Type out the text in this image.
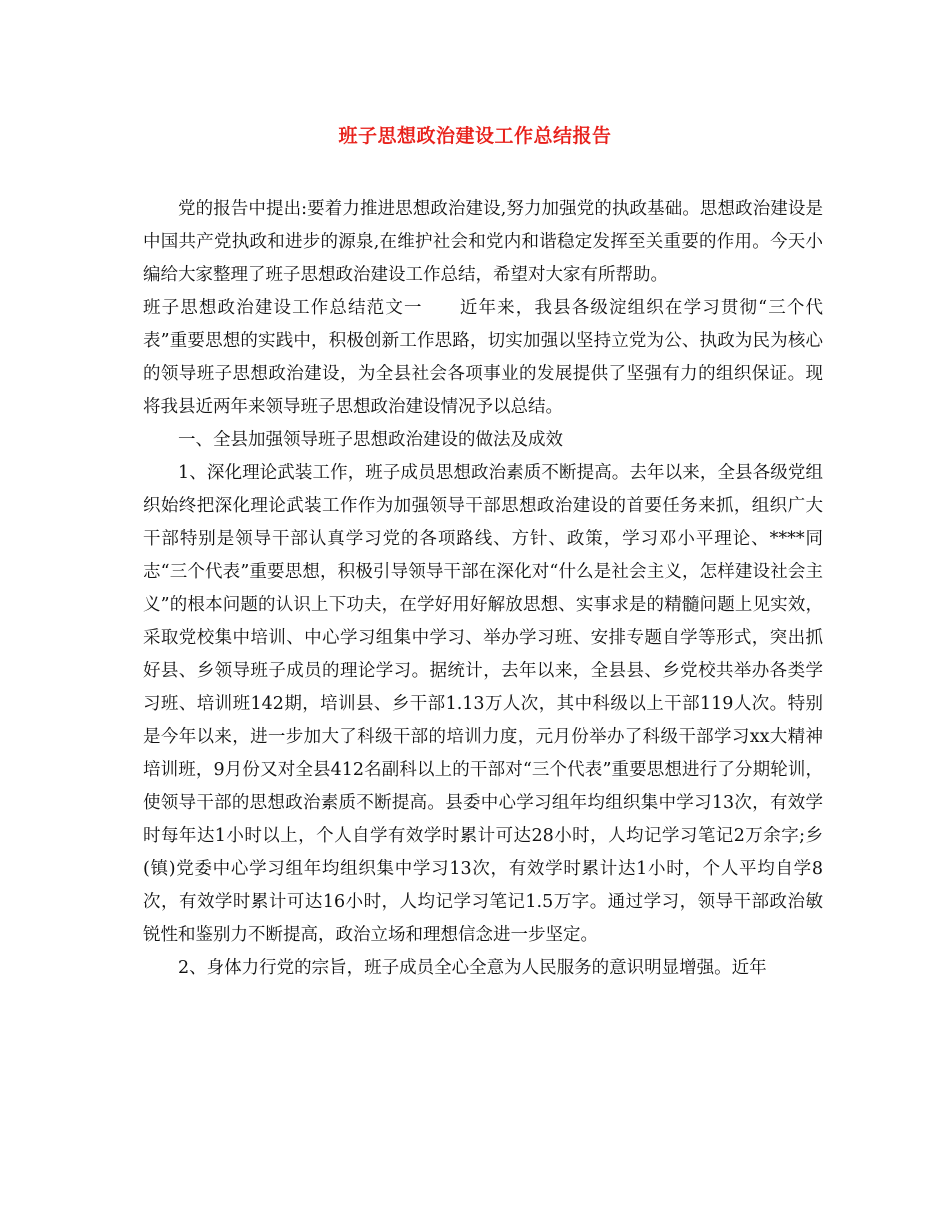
班子思想政治建设工作总结报告

党的报告中提出:要着力推进思想政治建设,努力加强党的执政基础。思想政治建设是中国共产党执政和进步的源泉,在维护社会和党内和谐稳定发挥至关重要的作用。今天小编给大家整理了班子思想政治建设工作总结，希望对大家有所帮助。

班子思想政治建设工作总结范文一　　近年来，我县各级淀组织在学习贯彻“三个代表”重要思想的实践中，积极创新工作思路，切实加强以坚持立党为公、执政为民为核心的领导班子思想政治建设，为全县社会各项事业的发展提供了坚强有力的组织保证。现将我县近两年来领导班子思想政治建设情况予以总结。

一、全县加强领导班子思想政治建设的做法及成效

1、深化理论武装工作，班子成员思想政治素质不断提高。去年以来，全县各级党组织始终把深化理论武装工作作为加强领导干部思想政治建设的首要任务来抓，组织广大干部特别是领导干部认真学习党的各项路线、方针、政策，学习邓小平理论、****同志“三个代表”重要思想，积极引导领导干部在深化对“什么是社会主义，怎样建设社会主义”的根本问题的认识上下功夫，在学好用好解放思想、实事求是的精髓问题上见实效，采取党校集中培训、中心学习组集中学习、举办学习班、安排专题自学等形式，突出抓好县、乡领导班子成员的理论学习。据统计，去年以来，全县县、乡党校共举办各类学习班、培训班142期，培训县、乡干部1.13万人次，其中科级以上干部119人次。特别是今年以来，进一步加大了科级干部的培训力度，元月份举办了科级干部学习xx大精神培训班，9月份又对全县412名副科以上的干部对“三个代表”重要思想进行了分期轮训，使领导干部的思想政治素质不断提高。县委中心学习组年均组织集中学习13次，有效学时每年达1小时以上，个人自学有效学时累计可达28小时，人均记学习笔记2万余字;乡(镇)党委中心学习组年均组织集中学习13次，有效学时累计达1小时，个人平均自学8次，有效学时累计可达16小时，人均记学习笔记1.5万字。通过学习，领导干部政治敏锐性和鉴别力不断提高，政治立场和理想信念进一步坚定。

2、身体力行党的宗旨，班子成员全心全意为人民服务的意识明显增强。近年
